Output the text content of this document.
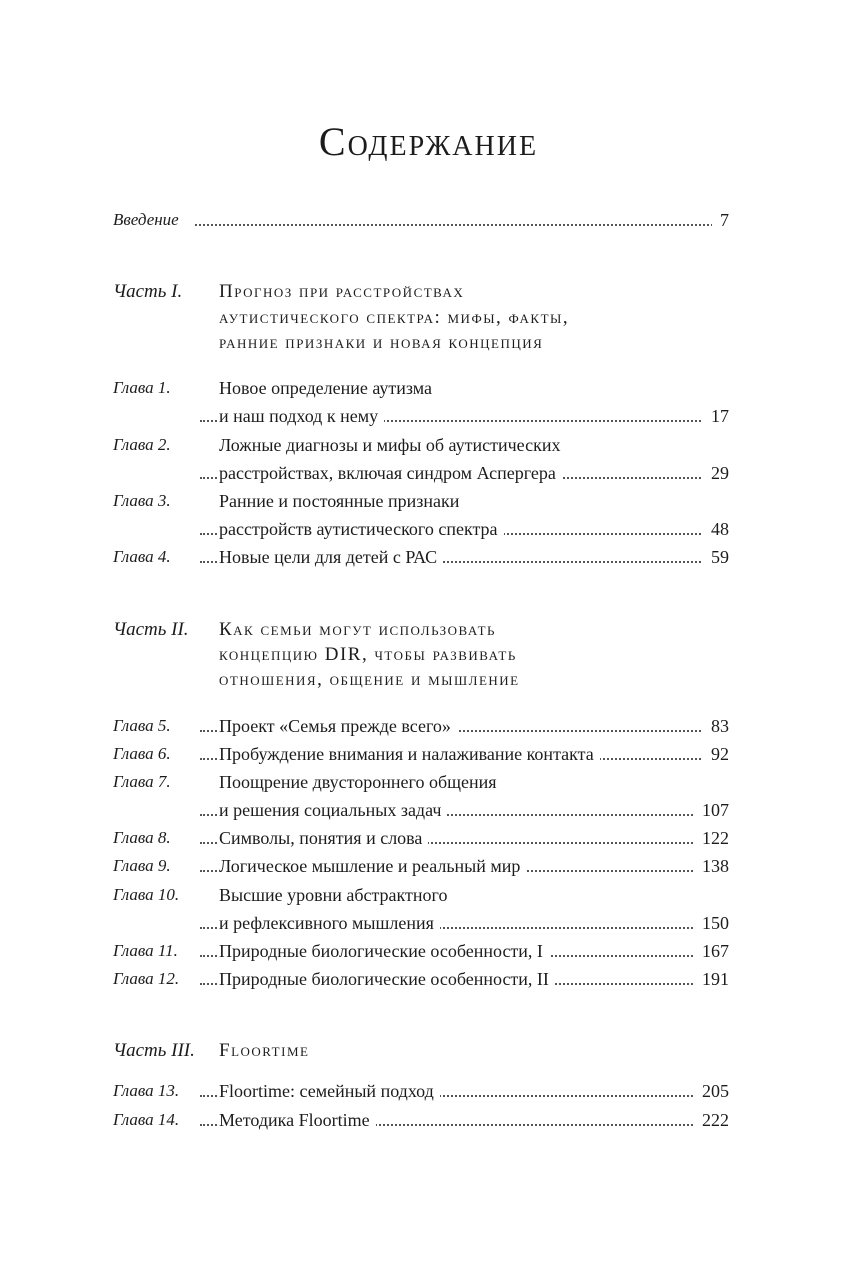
Содержание
Введение	7
Часть I. Прогноз при расстройствах
аутистического спектра: мифы, факты,
ранние признаки и новая концепция
Глава 1.	Новое определение аутизма
и наш подход к нему	17
Глава 2.	Ложные диагнозы и мифы об аутистических
расстройствах, включая синдром Аспергера	29
Глава 3.	Ранние и постоянные признаки
расстройств аутистического спектра	48
Глава 4.	Новые цели для детей с РАС	59
Часть II. Как семьи могут использовать
концепцию DIR, чтобы развивать
отношения, общение и мышление
Глава 5.	Проект «Семья прежде всего»	83
Глава 6.	Пробуждение внимания и налаживание контакта	92
Глава 7.	Поощрение двустороннего общения
и решения социальных задач	107
Глава 8.	Символы, понятия и слова	122
Глава 9.	Логическое мышление и реальный мир	138
Глава 10. Высшие уровни абстрактного
и рефлексивного мышления	150
Глава 11. Природные биологические особенности, I	167
Глава 12. Природные биологические особенности, II	191
Часть III. Floortime
Глава 13. Floortime: семейный подход	205
Глава 14. Методика Floortime	222
